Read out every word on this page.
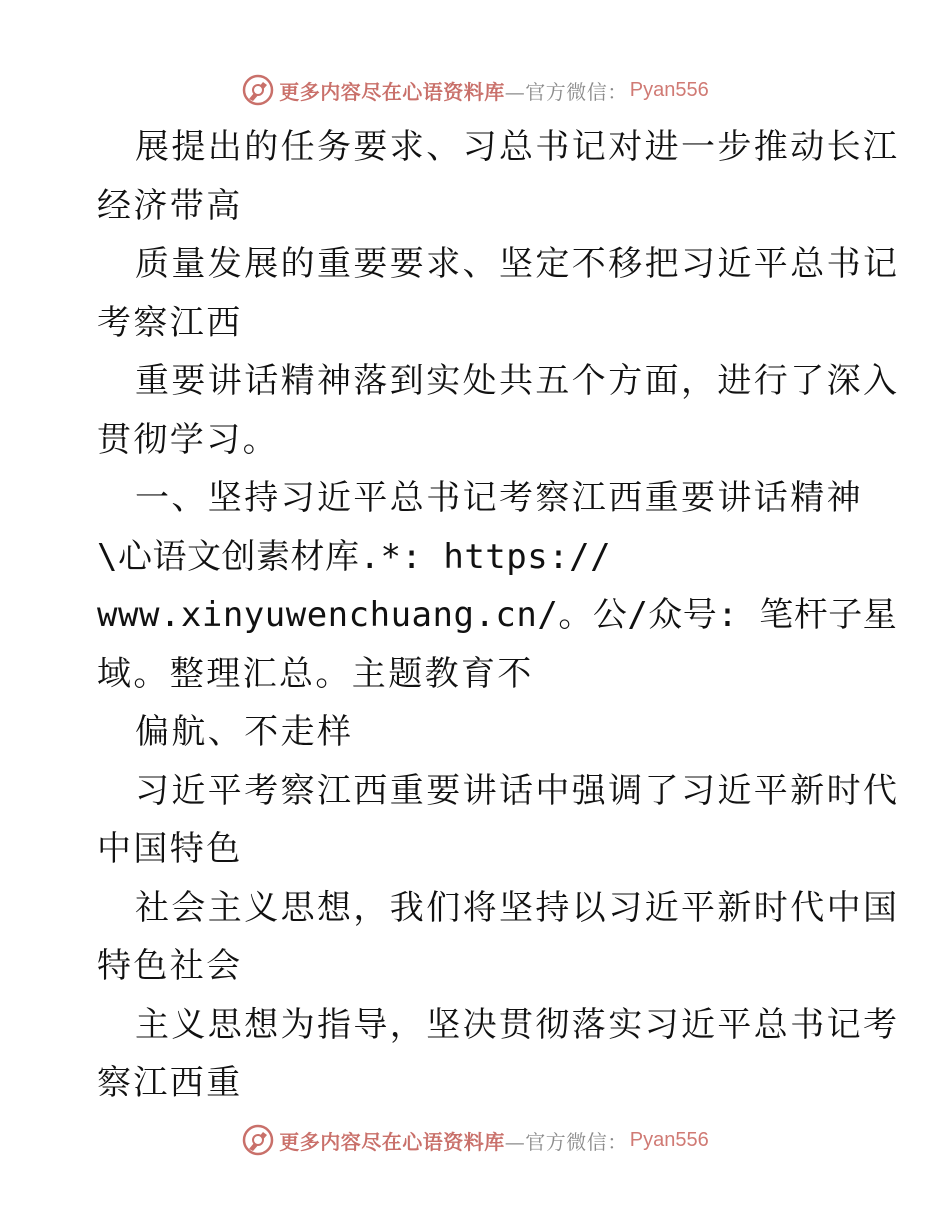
更多内容尽在心语资料库 —官方微信： Pyan556
展提出的任务要求、习总书记对进一步推动长江
经济带高
质量发展的重要要求、坚定不移把习近平总书记
考察江西
重要讲话精神落到实处共五个方面，进行了深入
贯彻学习。
一、坚持习近平总书记考察江西重要讲话精神
\心语文创素材库.*: https://
www.xinyuwenchuang.cn/。公/众号: 笔杆子星
域。整理汇总。主题教育不
偏航、不走样
习近平考察江西重要讲话中强调了习近平新时代
中国特色
社会主义思想，我们将坚持以习近平新时代中国
特色社会
主义思想为指导，坚决贯彻落实习近平总书记考
察江西重
更多内容尽在心语资料库 —官方微信： Pyan556
